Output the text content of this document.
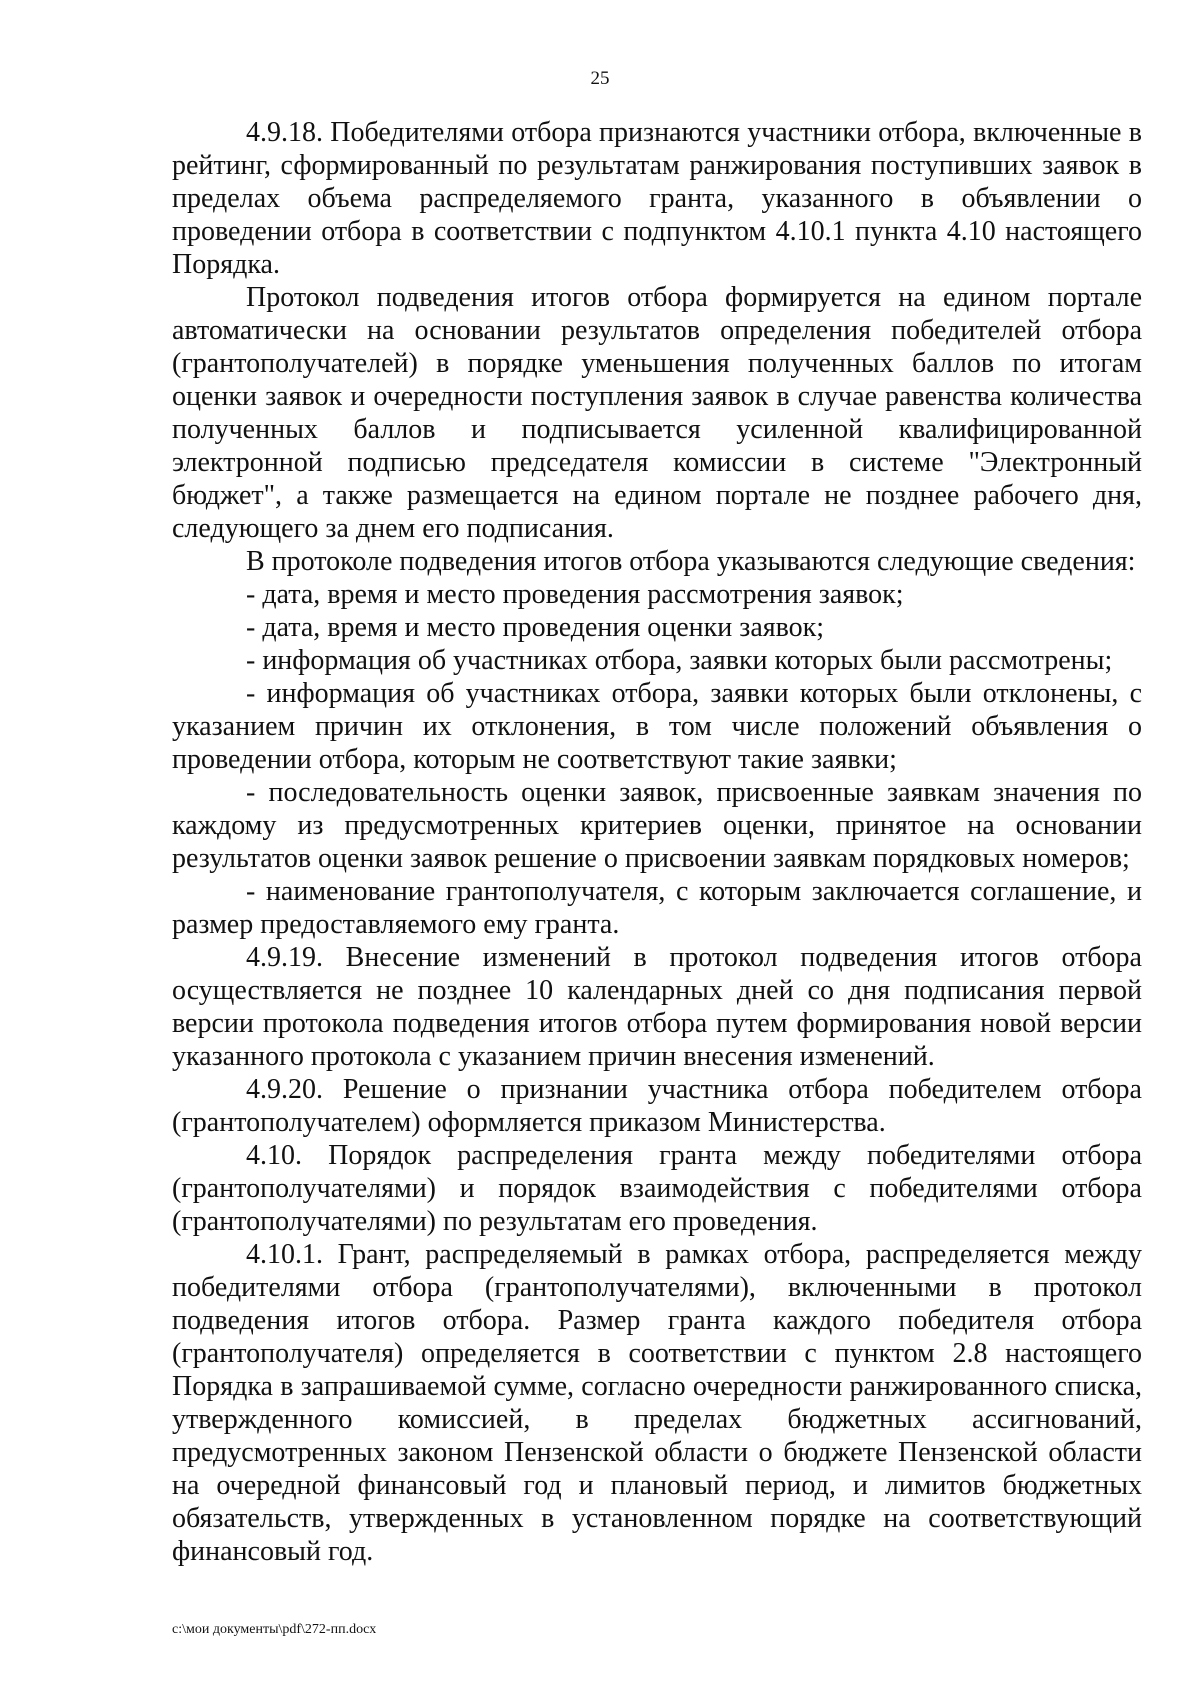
25

4.9.18. Победителями отбора признаются участники отбора, включенные в рейтинг, сформированный по результатам ранжирования поступивших заявок в пределах объема распределяемого гранта, указанного в объявлении о проведении отбора в соответствии с подпунктом 4.10.1 пункта 4.10 настоящего Порядка.

Протокол подведения итогов отбора формируется на едином портале автоматически на основании результатов определения победителей отбора (грантополучателей) в порядке уменьшения полученных баллов по итогам оценки заявок и очередности поступления заявок в случае равенства количества полученных баллов и подписывается усиленной квалифицированной электронной подписью председателя комиссии в системе "Электронный бюджет", а также размещается на едином портале не позднее рабочего дня, следующего за днем его подписания.

В протоколе подведения итогов отбора указываются следующие сведения:

- дата, время и место проведения рассмотрения заявок;

- дата, время и место проведения оценки заявок;

- информация об участниках отбора, заявки которых были рассмотрены;

- информация об участниках отбора, заявки которых были отклонены, с указанием причин их отклонения, в том числе положений объявления о проведении отбора, которым не соответствуют такие заявки;

- последовательность оценки заявок, присвоенные заявкам значения по каждому из предусмотренных критериев оценки, принятое на основании результатов оценки заявок решение о присвоении заявкам порядковых номеров;

- наименование грантополучателя, с которым заключается соглашение, и размер предоставляемого ему гранта.

4.9.19. Внесение изменений в протокол подведения итогов отбора осуществляется не позднее 10 календарных дней со дня подписания первой версии протокола подведения итогов отбора путем формирования новой версии указанного протокола с указанием причин внесения изменений.

4.9.20. Решение о признании участника отбора победителем отбора (грантополучателем) оформляется приказом Министерства.

4.10. Порядок распределения гранта между победителями отбора (грантополучателями) и порядок взаимодействия с победителями отбора (грантополучателями) по результатам его проведения.

4.10.1. Грант, распределяемый в рамках отбора, распределяется между победителями отбора (грантополучателями), включенными в протокол подведения итогов отбора. Размер гранта каждого победителя отбора (грантополучателя) определяется в соответствии с пунктом 2.8 настоящего Порядка в запрашиваемой сумме, согласно очередности ранжированного списка, утвержденного комиссией, в пределах бюджетных ассигнований, предусмотренных законом Пензенской области о бюджете Пензенской области на очередной финансовый год и плановый период, и лимитов бюджетных обязательств, утвержденных в установленном порядке на соответствующий финансовый год.

c:\мои документы\pdf\272-пп.docx
